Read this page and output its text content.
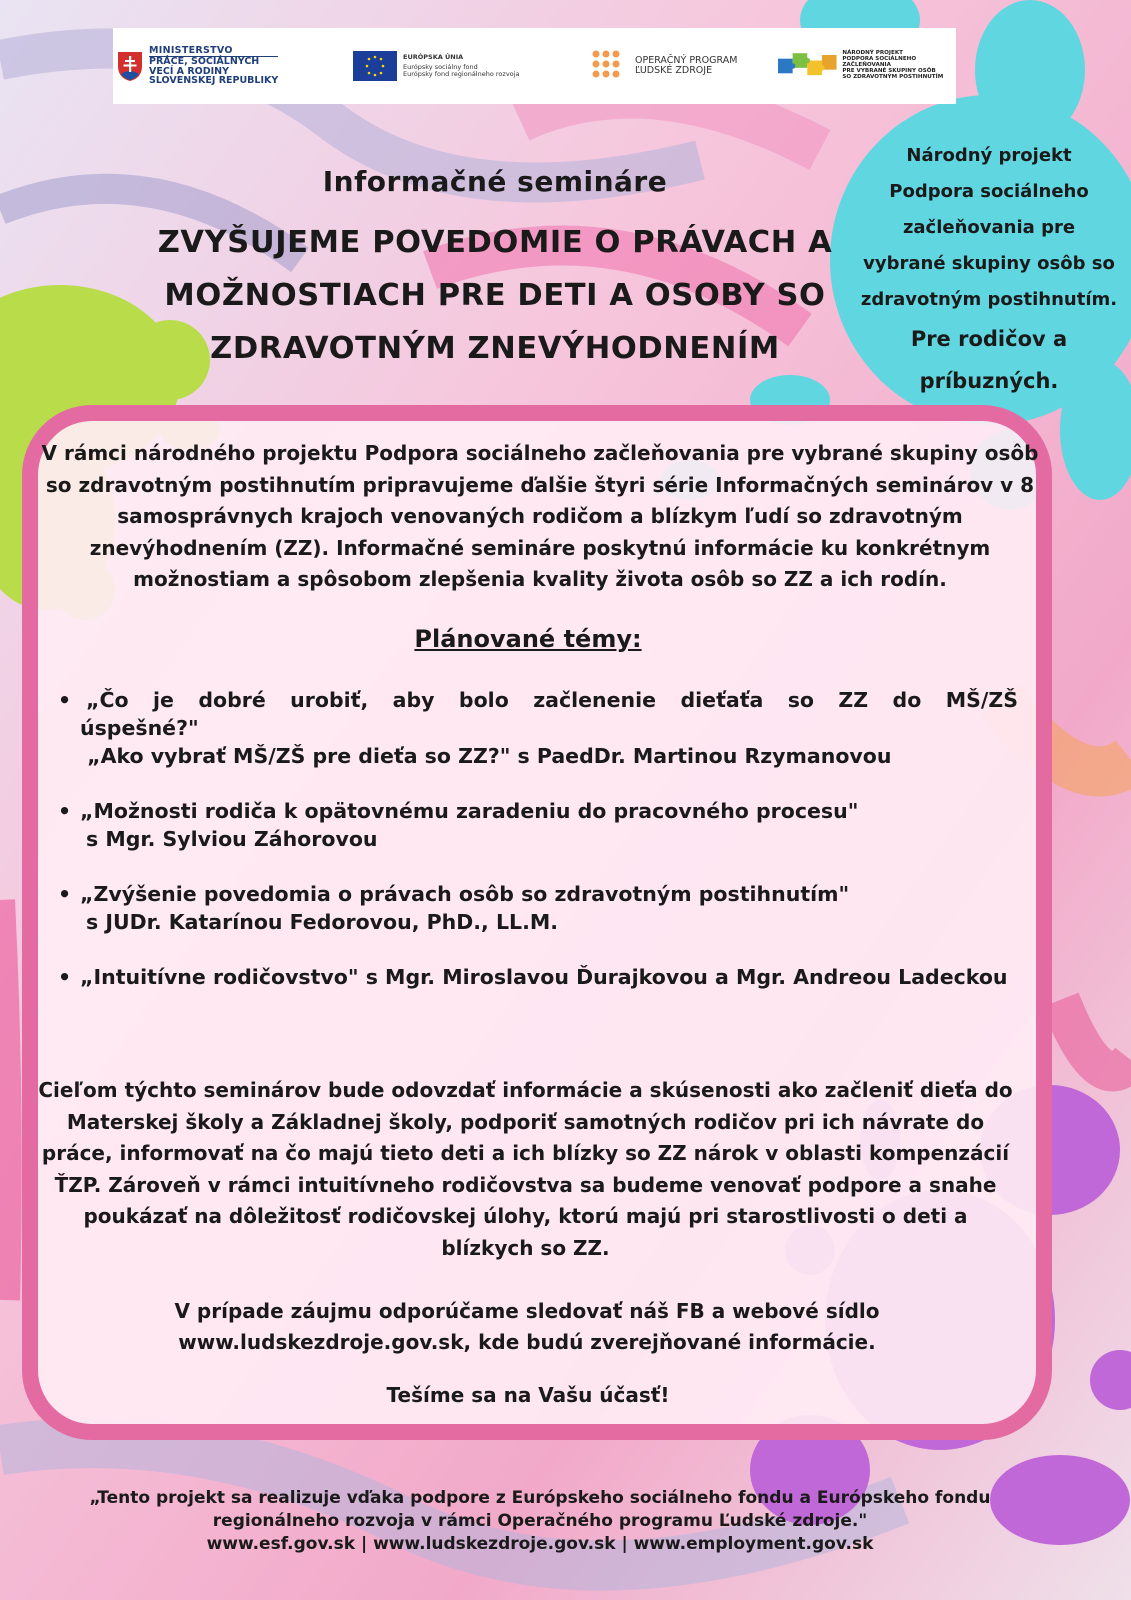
MINISTERSTVO
PRÁCE, SOCIÁLNYCH
VECÍ A RODINY
SLOVENSKEJ REPUBLIKY
EURÓPSKA ÚNIA
Európsky sociálny fond
Európsky fond regionálneho rozvoja
OPERAČNÝ PROGRAM
ĽUDSKÉ ZDROJE
NÁRODNÝ PROJEKT
PODPORA SOCIÁLNEHO ZAČLEŇOVANIA
PRE VYBRANÉ SKUPINY OSÔB
SO ZDRAVOTNÝM POSTIHNUTÍM

Informačné semináre

ZVYŠUJEME POVEDOMIE O PRÁVACH A
MOŽNOSTIACH PRE DETI A OSOBY SO
ZDRAVOTNÝM ZNEVÝHODNENÍM

Národný projekt
Podpora sociálneho
začleňovania pre
vybrané skupiny osôb so
zdravotným postihnutím.
Pre rodičov a
príbuzných.
V rámci národného projektu Podpora sociálneho začleňovania pre vybrané skupiny osôb so zdravotným postihnutím pripravujeme ďalšie štyri série Informačných seminárov v 8 samosprávnych krajoch venovaných rodičom a blízkym ľudí so zdravotným znevýhodnením (ZZ). Informačné semináre poskytnú informácie ku konkrétnym možnostiam a spôsobom zlepšenia kvality života osôb so ZZ a ich rodín.
Plánované témy:
• „Čo je dobré urobiť, aby bolo začlenenie dieťaťa so ZZ do MŠ/ZŠ
úspešné?"
„Ako vybrať MŠ/ZŠ pre dieťa so ZZ?" s PaedDr. Martinou Rzymanovou
• „Možnosti rodiča k opätovnému zaradeniu do pracovného procesu"
s Mgr. Sylviou Záhorovou
• „Zvýšenie povedomia o právach osôb so zdravotným postihnutím"
s JUDr. Katarínou Fedorovou, PhD., LL.M.
• „Intuitívne rodičovstvo" s Mgr. Miroslavou Ďurajkovou a Mgr. Andreou Ladeckou
Cieľom týchto seminárov bude odovzdať informácie a skúsenosti ako začleniť dieťa do Materskej školy a Základnej školy, podporiť samotných rodičov pri ich návrate do práce, informovať na čo majú tieto deti a ich blízky so ZZ nárok v oblasti kompenzácií ŤZP. Zároveň v rámci intuitívneho rodičovstva sa budeme venovať podpore a snahe poukázať na dôležitosť rodičovskej úlohy, ktorú majú pri starostlivosti o deti a blízkych so ZZ.
V prípade záujmu odporúčame sledovať náš FB a webové sídlo www.ludskezdroje.gov.sk, kde budú zverejňované informácie.
Tešíme sa na Vašu účasť!
„Tento projekt sa realizuje vďaka podpore z Európskeho sociálneho fondu a Európskeho fondu
regionálneho rozvoja v rámci Operačného programu Ľudské zdroje."
www.esf.gov.sk | www.ludskezdroje.gov.sk | www.employment.gov.sk
